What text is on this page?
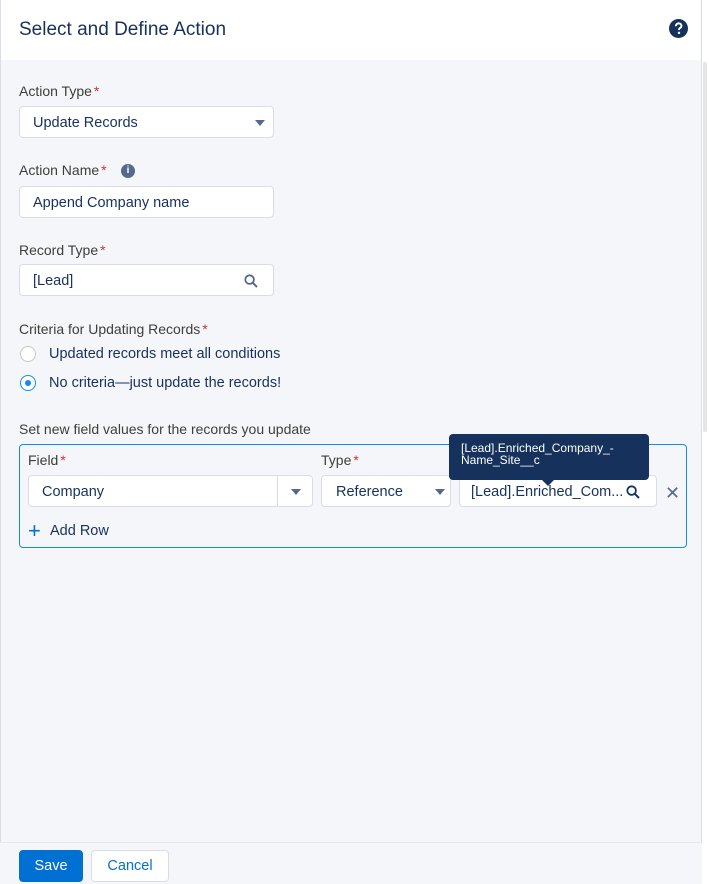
Select and Define Action
Action Type *
Update Records
Action Name *	i
Append Company name
Record Type *
[Lead]
Criteria for Updating Records *
Updated records meet all conditions
No criteria—just update the records!
Set new field values for the records you update
Field *	Type *
Company	Reference	[Lead].Enriched_Com... ✕
+ Add Row
[Lead].Enriched_Company_-
Name_Site__c
Save	Cancel
